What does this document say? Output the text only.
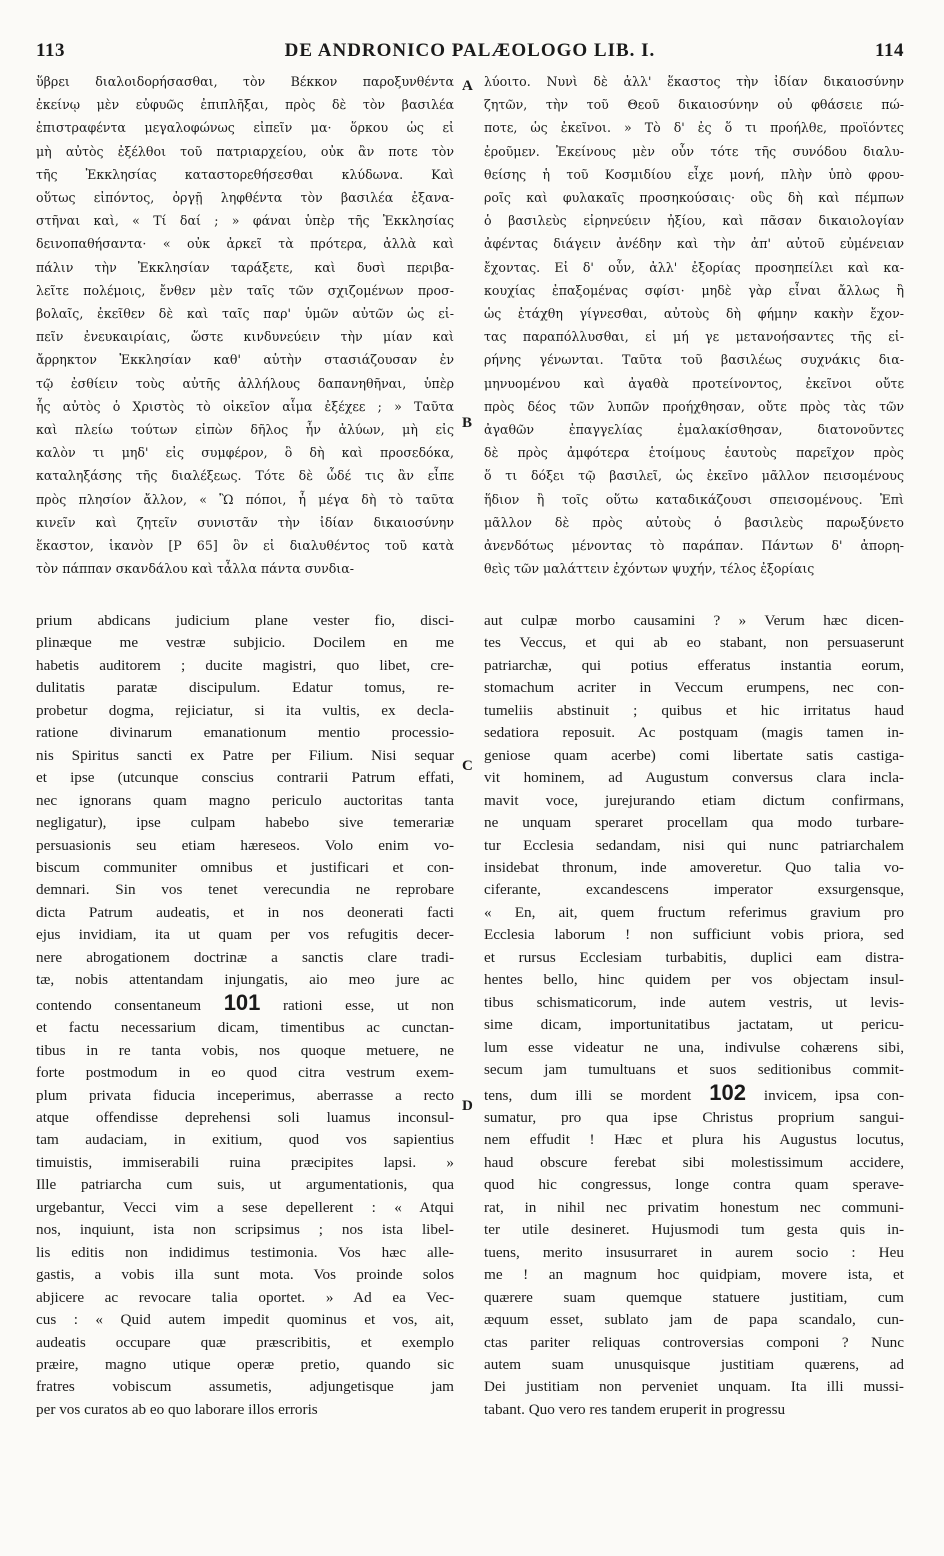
113	DE ANDRONICO PALÆOLOGO LIB. I.	114
ὕβρει διαλοιδορήσασθαι, τὸν Βέκκον παροξυνθέντα
ἐκείνῳ μὲν εὐφυῶς ἐπιπλῆξαι, πρὸς δὲ τὸν βασιλέα
ἐπιστραφέντα μεγαλοφώνως εἰπεῖν μα· ὅρκου ὡς εἰ
μὴ αὐτὸς ἐξέλθοι τοῦ πατριαρχείου, οὐκ ἂν ποτε τὸν
τῆς Ἐκκλησίας καταστορεθήσεσθαι κλύδωνα. Καὶ
οὕτως εἰπόντος, ὀργῇ ληφθέντα τὸν βασιλέα ἐξανα-
στῆναι καὶ, « Τί δαί ; » φάναι ὑπὲρ τῆς Ἐκκλησίας
δεινοπαθήσαντα· « οὐκ ἀρκεῖ τὰ πρότερα, ἀλλὰ καὶ
πάλιν τὴν Ἐκκλησίαν ταράξετε, καὶ δυσὶ περιβα-
λεῖτε πολέμοις, ἔνθεν μὲν ταῖς τῶν σχιζομένων προσ-
βολαῖς, ἐκεῖθεν δὲ καὶ ταῖς παρ' ὑμῶν αὐτῶν ὡς εἰ-
πεῖν ἐνευκαιρίαις, ὥστε κινδυνεύειν τὴν μίαν καὶ
ἄρρηκτον Ἐκκλησίαν καθ' αὑτὴν στασιάζουσαν ἐν
τῷ ἐσθίειν τοὺς αὐτῆς ἀλλήλους δαπανηθῆναι, ὑπὲρ
ἧς αὐτὸς ὁ Χριστὸς τὸ οἰκεῖον αἷμα ἐξέχεε ; » Ταῦτα
καὶ πλείω τούτων εἰπὼν δῆλος ἦν ἀλύων, μὴ εἰς
καλὸν τι μηδ' εἰς συμφέρον, ὃ δὴ καὶ προσεδόκα,
καταληξάσης τῆς διαλέξεως. Τότε δὲ ὧδέ τις ἂν εἶπε
πρὸς πλησίον ἄλλον, « Ὢ πόποι, ἦ μέγα δὴ τὸ ταῦτα
κινεῖν καὶ ζητεῖν συνιστᾶν τὴν ἰδίαν δικαιοσύνην
ἕκαστον, ἱκανὸν [P 65] ὃν εἰ διαλυθέντος τοῦ κατὰ
τὸν πάππαν σκανδάλου καὶ τἆλλα πάντα συνδια-
λύοιτο. Νυνὶ δὲ ἀλλ' ἕκαστος τὴν ἰδίαν δικαιοσύνην
ζητῶν, τὴν τοῦ Θεοῦ δικαιοσύνην οὐ φθάσειε πώ-
ποτε, ὡς ἐκεῖνοι. » Τὸ δ' ἐς ὅ τι προήλθε, προϊόντες
ἐροῦμεν. Ἐκείνους μὲν οὖν τότε τῆς συνόδου διαλυ-
θείσης ἡ τοῦ Κοσμιδίου εἶχε μονή, πλὴν ὑπὸ φρου-
ροῖς καὶ φυλακαῖς προσηκούσαις· οὓς δὴ καὶ πέμπων
ὁ βασιλεὺς εἰρηνεύειν ἠξίου, καὶ πᾶσαν δικαιολογίαν
ἀφέντας διάγειν ἀνέδην καὶ τὴν ἀπ' αὐτοῦ εὐμένειαν
ἔχοντας. Εἰ δ' οὖν, ἀλλ' ἐξορίας προσηπείλει καὶ κα-
κουχίας ἐπαξομένας σφίσι· μηδὲ γὰρ εἶναι ἄλλως ἢ
ὡς ἐτάχθη γίγνεσθαι, αὐτοὺς δὴ φήμην κακὴν ἔχον-
τας παραπόλλυσθαι, εἰ μή γε μετανοήσαντες τῆς εἰ-
ρήνης γένωνται. Ταῦτα τοῦ βασιλέως συχνάκις δια-
μηνυομένου καὶ ἀγαθὰ προτείνοντος, ἐκεῖνοι οὔτε
πρὸς δέος τῶν λυπῶν προήχθησαν, οὔτε πρὸς τὰς τῶν
ἀγαθῶν ἐπαγγελίας ἐμαλακίσθησαν, διατονοῦντες
δὲ πρὸς ἀμφότερα ἑτοίμους ἑαυτοὺς παρεῖχον πρὸς
ὅ τι δόξει τῷ βασιλεῖ, ὡς ἐκεῖνο μᾶλλον πεισομένους
ἥδιον ἢ τοῖς οὕτω καταδικάζουσι σπεισομένους. Ἐπὶ
μᾶλλον δὲ πρὸς αὐτοὺς ὁ βασιλεὺς παρωξύνετο
ἀνενδότως μένοντας τὸ παράπαν. Πάντων δ' ἀπορη-
θεὶς τῶν μαλάττειν ἐχόντων ψυχήν, τέλος ἐξορίαις
prium abdicans judicium plane vester fio, disci-
plinæque me vestræ subjicio. Docilem en me
habetis auditorem ; ducite magistri, quo libet, cre-
dulitatis paratæ discipulum. Edatur tomus, re-
probetur dogma, rejiciatur, si ita vultis, ex decla-
ratione divinarum emanationum mentio processio-
nis Spiritus sancti ex Patre per Filium. Nisi sequar
et ipse (utcunque conscius contrarii Patrum effati,
nec ignorans quam magno periculo auctoritas tanta
negligatur), ipse culpam habebo sive temerariæ
persuasionis seu etiam hæreseos. Volo enim vo-
biscum communiter omnibus et justificari et con-
demnari. Sin vos tenet verecundia ne reprobare
dicta Patrum audeatis, et in nos deonerati facti
ejus invidiam, ita ut quam per vos refugitis decer-
nere abrogationem doctrinæ a sanctis clare tradi-
tæ, nobis attentandam injungatis, aio meo jure ac
contendo consentaneum 101 rationi esse, ut non
et factu necessarium dicam, timentibus ac cunctan-
tibus in re tanta vobis, nos quoque metuere, ne
forte postmodum in eo quod citra vestrum exem-
plum privata fiducia inceperimus, aberrasse a recto
atque offendisse deprehensi soli luamus inconsul-
tam audaciam, in exitium, quod vos sapientius
timuistis, immiserabili ruina præcipites lapsi. »
Ille patriarcha cum suis, ut argumentationis, qua
urgebantur, Vecci vim a sese depellerent : « Atqui
nos, inquiunt, ista non scripsimus ; nos ista libel-
lis editis non indidimus testimonia. Vos hæc alle-
gastis, a vobis illa sunt mota. Vos proinde solos
abjicere ac revocare talia oportet. » Ad ea Vec-
cus : « Quid autem impedit quominus et vos, ait,
audeatis occupare quæ præscribitis, et exemplo
præire, magno utique operæ pretio, quando sic
fratres vobiscum assumetis, adjungetisque jam
per vos curatos ab eo quo laborare illos erroris
aut culpæ morbo causamini ? » Verum hæc dicen-
tes Veccus, et qui ab eo stabant, non persuaserunt
patriarchæ, qui potius efferatus instantia eorum,
stomachum acriter in Veccum erumpens, nec con-
tumeliis abstinuit ; quibus et hic irritatus haud
sedatiora reposuit. Ac postquam (magis tamen in-
geniose quam acerbe) comi libertate satis castiga-
vit hominem, ad Augustum conversus clara incla-
mavit voce, jurejurando etiam dictum confirmans,
ne unquam speraret procellam qua modo turbare-
tur Ecclesia sedandam, nisi qui nunc patriarchalem
insidebat thronum, inde amoveretur. Quo talia vo-
ciferante, excandescens imperator exsurgensque,
« En, ait, quem fructum referimus gravium pro
Ecclesia laborum ! non sufficiunt vobis priora, sed
et rursus Ecclesiam turbabitis, duplici eam distra-
hentes bello, hinc quidem per vos objectam insul-
tibus schismaticorum, inde autem vestris, ut levis-
sime dicam, importunitatibus jactatam, ut pericu-
lum esse videatur ne una, indivulse cohærens sibi,
secum jam tumultuans et suos seditionibus commit-
tens, dum illi se mordent 102 invicem, ipsa con-
sumatur, pro qua ipse Christus proprium sangui-
nem effudit ! Hæc et plura his Augustus locutus,
haud obscure ferebat sibi molestissimum accidere,
quod hic congressus, longe contra quam sperave-
rat, in nihil nec privatim honestum nec communi-
ter utile desineret. Hujusmodi tum gesta quis in-
tuens, merito insusurraret in aurem socio : Heu
me ! an magnum hoc quidpiam, movere ista, et
quærere suam quemque statuere justitiam, cum
æquum esset, sublato jam de papa scandalo, cun-
ctas pariter reliquas controversias componi ? Nunc
autem suam unusquisque justitiam quærens, ad
Dei justitiam non perveniet unquam. Ita illi mussi-
tabant. Quo vero res tandem eruperit in progressu
A
B
C
D
